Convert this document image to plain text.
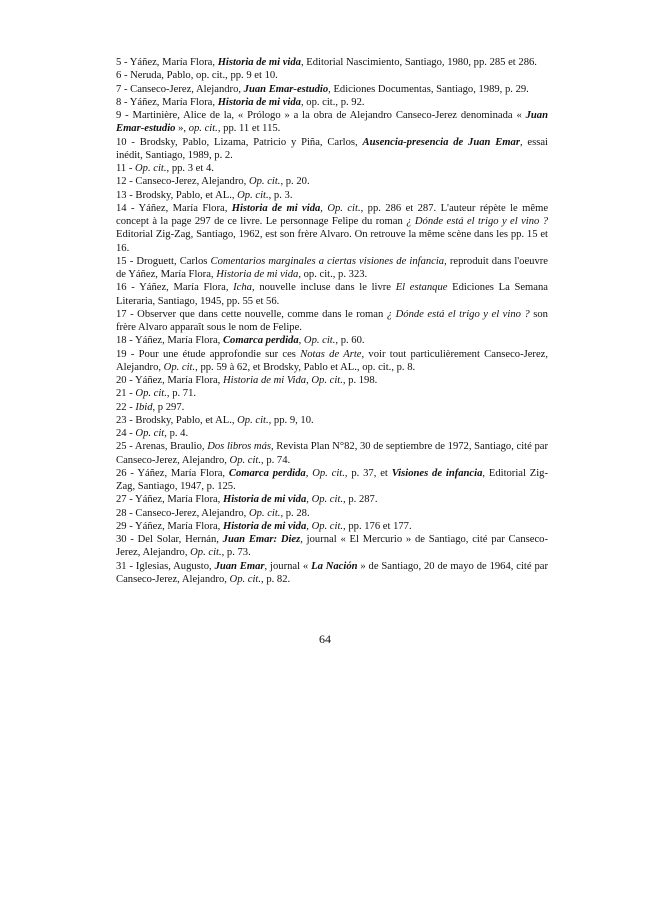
5 - Yáñez, María Flora, Historia de mi vida, Editorial Nascimiento, Santiago, 1980, pp. 285 et 286.

6 - Neruda, Pablo, op. cit., pp. 9 et 10.

7 - Canseco-Jerez, Alejandro, Juan Emar-estudio, Ediciones Documentas, Santiago, 1989, p. 29.

8 - Yáñez, María Flora, Historia de mi vida, op. cit., p. 92.

9 - Martinière, Alice de la, « Prólogo » a la obra de Alejandro Canseco-Jerez denominada « Juan Emar-estudio », op. cit., pp. 11 et 115.

10 - Brodsky, Pablo, Lizama, Patricio y Piña, Carlos, Ausencia-presencia de Juan Emar, essai inédit, Santiago, 1989, p. 2.

11 - Op. cit., pp. 3 et 4.

12 - Canseco-Jerez, Alejandro, Op. cit., p. 20.

13 - Brodsky, Pablo, et AL., Op. cit., p. 3.

14 - Yáñez, María Flora, Historia de mi vida, Op. cit., pp. 286 et 287. L'auteur répète le même concept à la page 297 de ce livre. Le personnage Felipe du roman ¿ Dónde está el trigo y el vino ? Editorial Zig-Zag, Santiago, 1962, est son frère Alvaro. On retrouve la même scène dans les pp. 15 et 16.

15 - Droguett, Carlos Comentarios marginales a ciertas visiones de infancia, reproduit dans l'oeuvre de Yáñez, María Flora, Historia de mi vida, op. cit., p. 323.

16 - Yáñez, María Flora, Icha, nouvelle incluse dans le livre El estanque Ediciones La Semana Literaria, Santiago, 1945, pp. 55 et 56.

17 - Observer que dans cette nouvelle, comme dans le roman ¿ Dónde está el trigo y el vino ? son frère Alvaro apparaît sous le nom de Felipe.

18 - Yáñez, María Flora, Comarca perdida, Op. cit., p. 60.

19 - Pour une étude approfondie sur ces Notas de Arte, voir tout particulièrement Canseco-Jerez, Alejandro, Op. cit., pp. 59 à 62, et Brodsky, Pablo et AL., op. cit., p. 8.

20 - Yáñez, María Flora, Historia de mi Vida, Op. cit., p. 198.

21 - Op. cit., p. 71.

22 - Ibid, p 297.

23 - Brodsky, Pablo, et AL., Op. cit., pp. 9, 10.

24 - Op. cit, p. 4.

25 - Arenas, Braulio, Dos libros más, Revista Plan N°82, 30 de septiembre de 1972, Santiago, cité par Canseco-Jerez, Alejandro, Op. cit., p. 74.

26 - Yáñez, María Flora, Comarca perdida, Op. cit., p. 37, et Visiones de infancia, Editorial Zig-Zag, Santiago, 1947, p. 125.

27 - Yáñez, María Flora, Historia de mi vida, Op. cit., p. 287.

28 - Canseco-Jerez, Alejandro, Op. cit., p. 28.

29 - Yáñez, María Flora, Historia de mi vida, Op. cit., pp. 176 et 177.

30 - Del Solar, Hernán, Juan Emar: Diez, journal « El Mercurio » de Santiago, cité par Canseco-Jerez, Alejandro, Op. cit., p. 73.

31 - Iglesias, Augusto, Juan Emar, journal « La Nación » de Santiago, 20 de mayo de 1964, cité par Canseco-Jerez, Alejandro, Op. cit., p. 82.

64
